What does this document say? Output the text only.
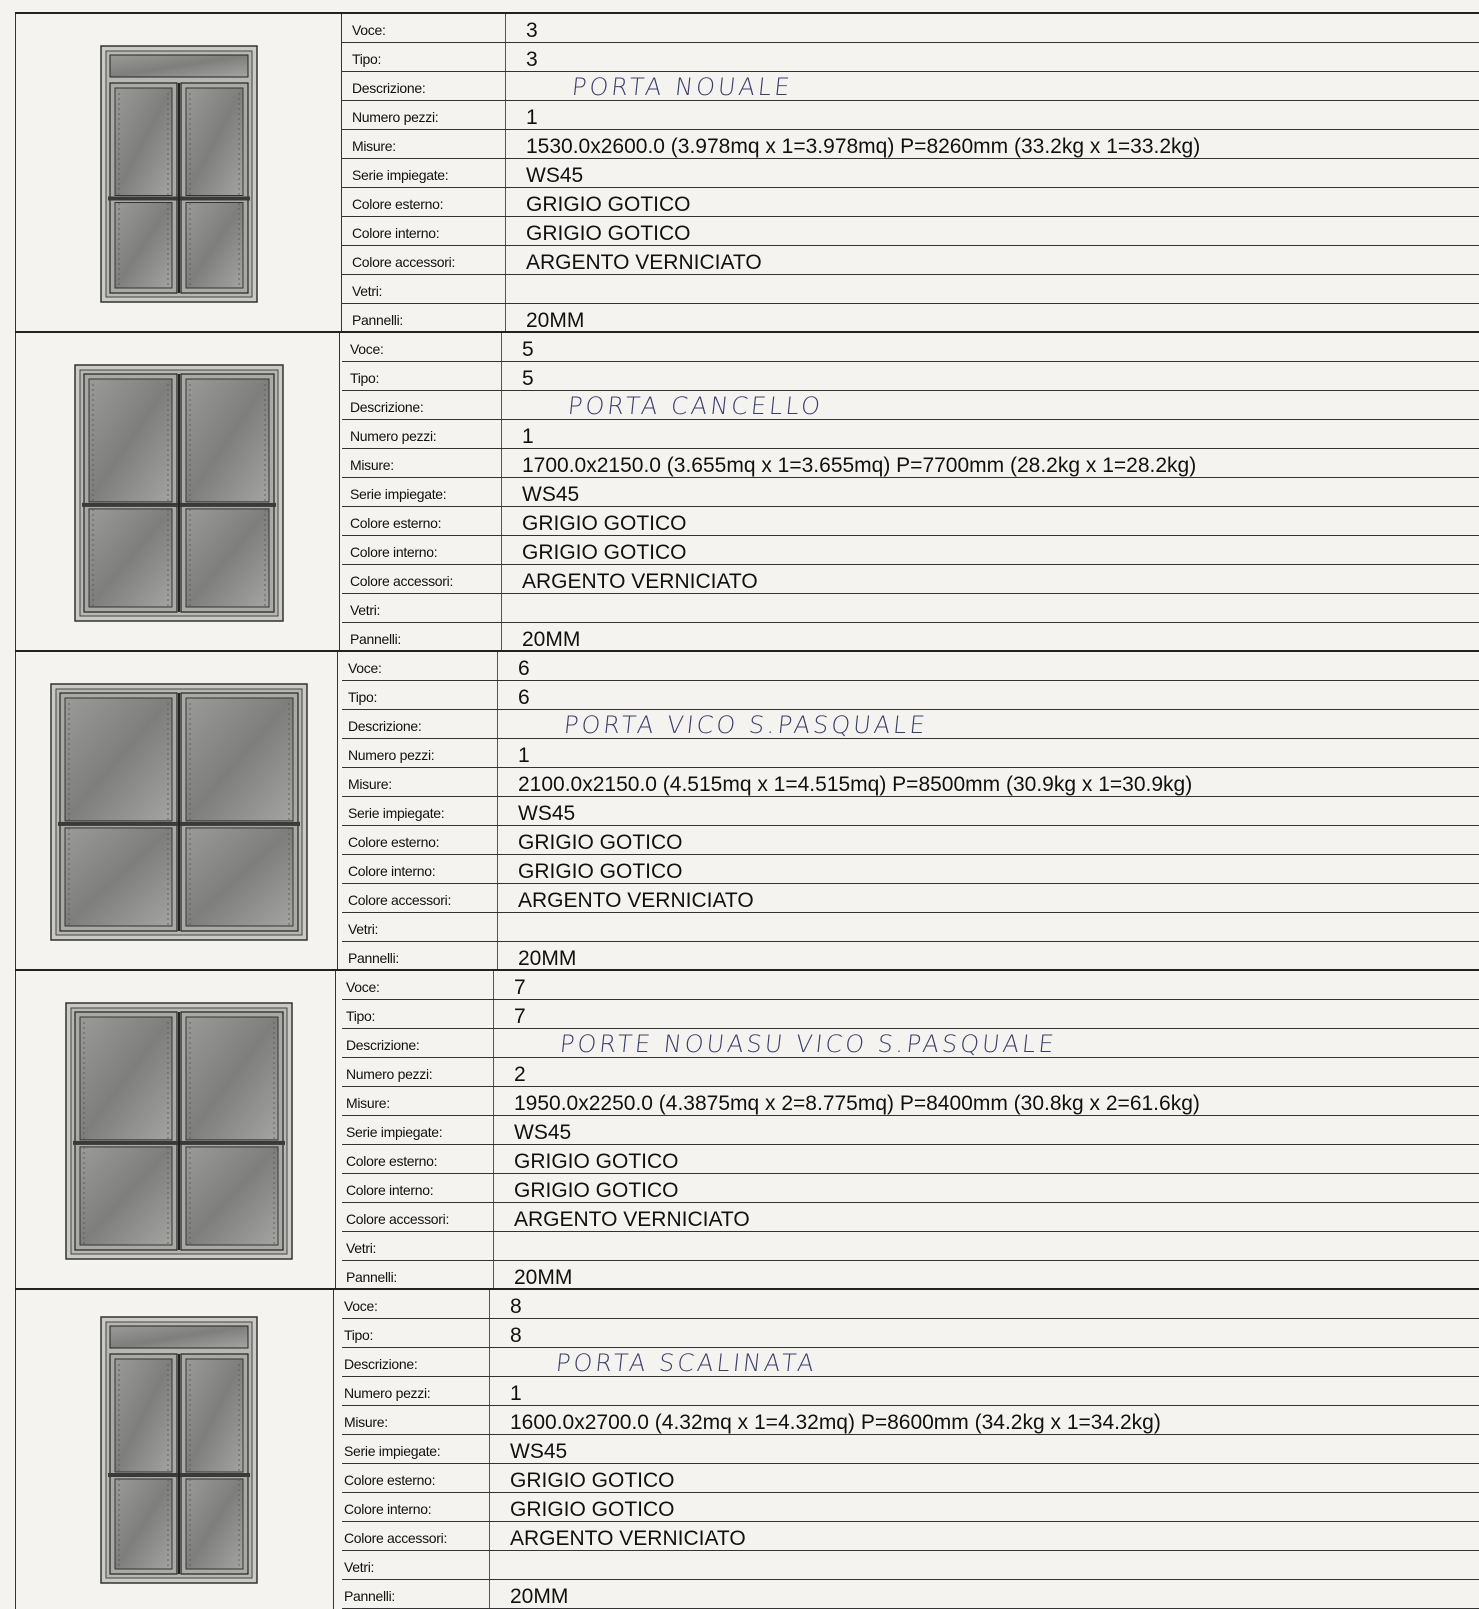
Voce:	3
Tipo:	3
Descrizione:	PORTA NOUALE
Numero pezzi:	1
Misure:	1530.0x2600.0 (3.978mq x 1=3.978mq) P=8260mm (33.2kg x 1=33.2kg)
Serie impiegate:	WS45
Colore esterno:	GRIGIO GOTICO
Colore interno:	GRIGIO GOTICO
Colore accessori:	ARGENTO VERNICIATO
Vetri:
Pannelli:	20MM
Voce:	5
Tipo:	5
Descrizione:	PORTA CANCELLO
Numero pezzi:	1
Misure:	1700.0x2150.0 (3.655mq x 1=3.655mq) P=7700mm (28.2kg x 1=28.2kg)
Serie impiegate:	WS45
Colore esterno:	GRIGIO GOTICO
Colore interno:	GRIGIO GOTICO
Colore accessori:	ARGENTO VERNICIATO
Vetri:
Pannelli:	20MM
Voce:	6
Tipo:	6
Descrizione:	PORTA VICO S.PASQUALE
Numero pezzi:	1
Misure:	2100.0x2150.0 (4.515mq x 1=4.515mq) P=8500mm (30.9kg x 1=30.9kg)
Serie impiegate:	WS45
Colore esterno:	GRIGIO GOTICO
Colore interno:	GRIGIO GOTICO
Colore accessori:	ARGENTO VERNICIATO
Vetri:
Pannelli:	20MM
Voce:	7
Tipo:	7
Descrizione:	PORTE NOUASU VICO S.PASQUALE
Numero pezzi:	2
Misure:	1950.0x2250.0 (4.3875mq x 2=8.775mq) P=8400mm (30.8kg x 2=61.6kg)
Serie impiegate:	WS45
Colore esterno:	GRIGIO GOTICO
Colore interno:	GRIGIO GOTICO
Colore accessori:	ARGENTO VERNICIATO
Vetri:
Pannelli:	20MM
Voce:	8
Tipo:	8
Descrizione:	PORTA SCALINATA
Numero pezzi:	1
Misure:	1600.0x2700.0 (4.32mq x 1=4.32mq) P=8600mm (34.2kg x 1=34.2kg)
Serie impiegate:	WS45
Colore esterno:	GRIGIO GOTICO
Colore interno:	GRIGIO GOTICO
Colore accessori:	ARGENTO VERNICIATO
Vetri:
Pannelli:	20MM
